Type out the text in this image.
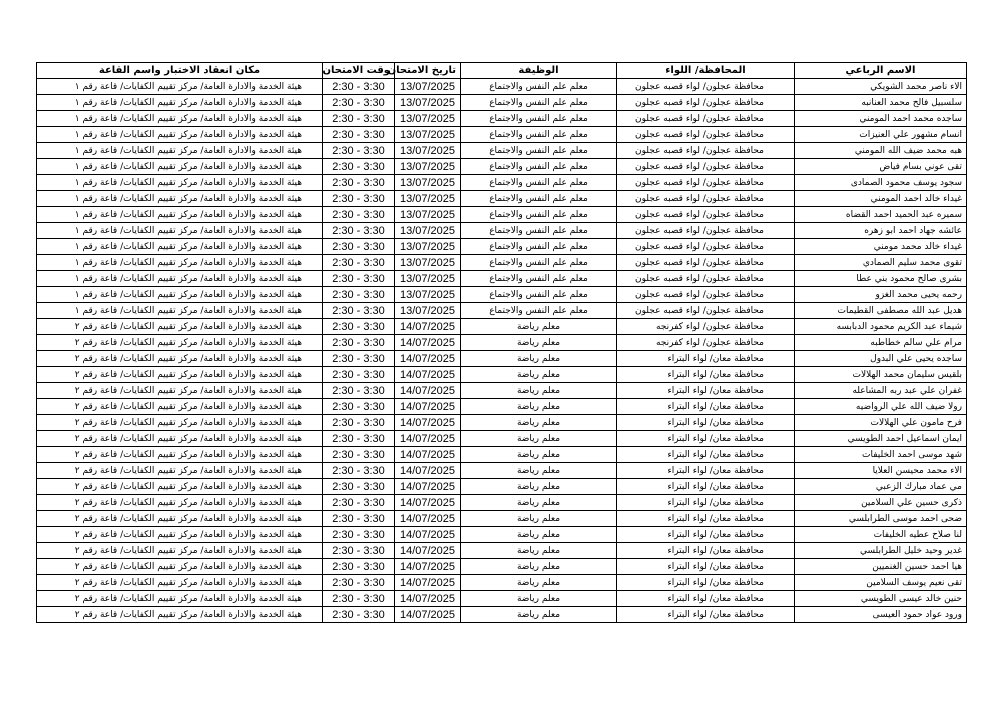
الاسم الرباعي	المحافظة/ اللواء	الوظيفة	تاريخ الامتحان	وقت الامتحان	مكان انعقاد الاختبار واسم القاعة
الاء ناصر محمد الشويكي	محافظة عجلون/ لواء قصبه عجلون	معلم علم النفس والاجتماع	13/07/2025	2:30 - 3:30	هيئة الخدمة والادارة العامة/ مركز تقييم الكفايات/ قاعة رقم ١
سلسبيل فالح محمد العنانبه	محافظة عجلون/ لواء قصبه عجلون	معلم علم النفس والاجتماع	13/07/2025	2:30 - 3:30	هيئة الخدمة والادارة العامة/ مركز تقييم الكفايات/ قاعة رقم ١
ساجده محمد احمد المومني	محافظة عجلون/ لواء قصبه عجلون	معلم علم النفس والاجتماع	13/07/2025	2:30 - 3:30	هيئة الخدمة والادارة العامة/ مركز تقييم الكفايات/ قاعة رقم ١
انسام مشهور علي العنيزات	محافظة عجلون/ لواء قصبه عجلون	معلم علم النفس والاجتماع	13/07/2025	2:30 - 3:30	هيئة الخدمة والادارة العامة/ مركز تقييم الكفايات/ قاعة رقم ١
هبه محمد ضيف الله المومني	محافظة عجلون/ لواء قصبه عجلون	معلم علم النفس والاجتماع	13/07/2025	2:30 - 3:30	هيئة الخدمة والادارة العامة/ مركز تقييم الكفايات/ قاعة رقم ١
تقى عوني بسام فياض	محافظة عجلون/ لواء قصبه عجلون	معلم علم النفس والاجتماع	13/07/2025	2:30 - 3:30	هيئة الخدمة والادارة العامة/ مركز تقييم الكفايات/ قاعة رقم ١
سجود يوسف محمود الصمادى	محافظة عجلون/ لواء قصبه عجلون	معلم علم النفس والاجتماع	13/07/2025	2:30 - 3:30	هيئة الخدمة والادارة العامة/ مركز تقييم الكفايات/ قاعة رقم ١
غيداء خالد احمد المومني	محافظة عجلون/ لواء قصبه عجلون	معلم علم النفس والاجتماع	13/07/2025	2:30 - 3:30	هيئة الخدمة والادارة العامة/ مركز تقييم الكفايات/ قاعة رقم ١
سميره عبد الحميد احمد القضاه	محافظة عجلون/ لواء قصبه عجلون	معلم علم النفس والاجتماع	13/07/2025	2:30 - 3:30	هيئة الخدمة والادارة العامة/ مركز تقييم الكفايات/ قاعة رقم ١
عائشه جهاد احمد ابو زهره	محافظة عجلون/ لواء قصبه عجلون	معلم علم النفس والاجتماع	13/07/2025	2:30 - 3:30	هيئة الخدمة والادارة العامة/ مركز تقييم الكفايات/ قاعة رقم ١
غيداء خالد محمد مومني	محافظة عجلون/ لواء قصبه عجلون	معلم علم النفس والاجتماع	13/07/2025	2:30 - 3:30	هيئة الخدمة والادارة العامة/ مركز تقييم الكفايات/ قاعة رقم ١
تقوى محمد سليم الصمادي	محافظة عجلون/ لواء قصبه عجلون	معلم علم النفس والاجتماع	13/07/2025	2:30 - 3:30	هيئة الخدمة والادارة العامة/ مركز تقييم الكفايات/ قاعة رقم ١
بشرى صالح محمود بني عطا	محافظة عجلون/ لواء قصبه عجلون	معلم علم النفس والاجتماع	13/07/2025	2:30 - 3:30	هيئة الخدمة والادارة العامة/ مركز تقييم الكفايات/ قاعة رقم ١
رحمه يحيى محمد الغزو	محافظة عجلون/ لواء قصبه عجلون	معلم علم النفس والاجتماع	13/07/2025	2:30 - 3:30	هيئة الخدمة والادارة العامة/ مركز تقييم الكفايات/ قاعة رقم ١
هديل عبد الله مصطفى القطيمات	محافظة عجلون/ لواء قصبه عجلون	معلم علم النفس والاجتماع	13/07/2025	2:30 - 3:30	هيئة الخدمة والادارة العامة/ مركز تقييم الكفايات/ قاعة رقم ١
شيماء عبد الكريم محمود الدبابسه	محافظة عجلون/ لواء كفرنجه	معلم رياضة	14/07/2025	2:30 - 3:30	هيئة الخدمة والادارة العامة/ مركز تقييم الكفايات/ قاعة رقم ٢
مرام علي سالم خطاطبه	محافظة عجلون/ لواء كفرنجه	معلم رياضة	14/07/2025	2:30 - 3:30	هيئة الخدمة والادارة العامة/ مركز تقييم الكفايات/ قاعة رقم ٢
ساجده يحيى علي البدول	محافظة معان/ لواء البتراء	معلم رياضة	14/07/2025	2:30 - 3:30	هيئة الخدمة والادارة العامة/ مركز تقييم الكفايات/ قاعة رقم ٢
بلقيس سليمان محمد الهلالات	محافظة معان/ لواء البتراء	معلم رياضة	14/07/2025	2:30 - 3:30	هيئة الخدمة والادارة العامة/ مركز تقييم الكفايات/ قاعة رقم ٢
غفران علي عبد ربه المشاعله	محافظة معان/ لواء البتراء	معلم رياضة	14/07/2025	2:30 - 3:30	هيئة الخدمة والادارة العامة/ مركز تقييم الكفايات/ قاعة رقم ٢
رولا ضيف الله علي الرواضيه	محافظة معان/ لواء البتراء	معلم رياضة	14/07/2025	2:30 - 3:30	هيئة الخدمة والادارة العامة/ مركز تقييم الكفايات/ قاعة رقم ٢
فرح مامون علي الهلالات	محافظة معان/ لواء البتراء	معلم رياضة	14/07/2025	2:30 - 3:30	هيئة الخدمة والادارة العامة/ مركز تقييم الكفايات/ قاعة رقم ٢
ايمان اسماعيل احمد الطويسي	محافظة معان/ لواء البتراء	معلم رياضة	14/07/2025	2:30 - 3:30	هيئة الخدمة والادارة العامة/ مركز تقييم الكفايات/ قاعة رقم ٢
شهد موسى احمد الخليفات	محافظة معان/ لواء البتراء	معلم رياضة	14/07/2025	2:30 - 3:30	هيئة الخدمة والادارة العامة/ مركز تقييم الكفايات/ قاعة رقم ٢
الاء محمد محيسن العلايا	محافظة معان/ لواء البتراء	معلم رياضة	14/07/2025	2:30 - 3:30	هيئة الخدمة والادارة العامة/ مركز تقييم الكفايات/ قاعة رقم ٢
مي عماد مبارك الزعبي	محافظة معان/ لواء البتراء	معلم رياضة	14/07/2025	2:30 - 3:30	هيئة الخدمة والادارة العامة/ مركز تقييم الكفايات/ قاعة رقم ٢
ذكرى حسين علي السلامين	محافظة معان/ لواء البتراء	معلم رياضة	14/07/2025	2:30 - 3:30	هيئة الخدمة والادارة العامة/ مركز تقييم الكفايات/ قاعة رقم ٢
ضحى احمد موسى الطرابلسي	محافظة معان/ لواء البتراء	معلم رياضة	14/07/2025	2:30 - 3:30	هيئة الخدمة والادارة العامة/ مركز تقييم الكفايات/ قاعة رقم ٢
لنا صلاح عطيه الخليفات	محافظة معان/ لواء البتراء	معلم رياضة	14/07/2025	2:30 - 3:30	هيئة الخدمة والادارة العامة/ مركز تقييم الكفايات/ قاعة رقم ٢
غدير وحيد خليل الطرابلسي	محافظة معان/ لواء البتراء	معلم رياضة	14/07/2025	2:30 - 3:30	هيئة الخدمة والادارة العامة/ مركز تقييم الكفايات/ قاعة رقم ٢
هيا احمد حسين الغنميين	محافظة معان/ لواء البتراء	معلم رياضة	14/07/2025	2:30 - 3:30	هيئة الخدمة والادارة العامة/ مركز تقييم الكفايات/ قاعة رقم ٢
تقى نعيم يوسف السلامين	محافظة معان/ لواء البتراء	معلم رياضة	14/07/2025	2:30 - 3:30	هيئة الخدمة والادارة العامة/ مركز تقييم الكفايات/ قاعة رقم ٢
حنين خالد عيسى الطويسي	محافظة معان/ لواء البتراء	معلم رياضة	14/07/2025	2:30 - 3:30	هيئة الخدمة والادارة العامة/ مركز تقييم الكفايات/ قاعة رقم ٢
ورود عواد حمود العيسى	محافظة معان/ لواء البتراء	معلم رياضة	14/07/2025	2:30 - 3:30	هيئة الخدمة والادارة العامة/ مركز تقييم الكفايات/ قاعة رقم ٢
